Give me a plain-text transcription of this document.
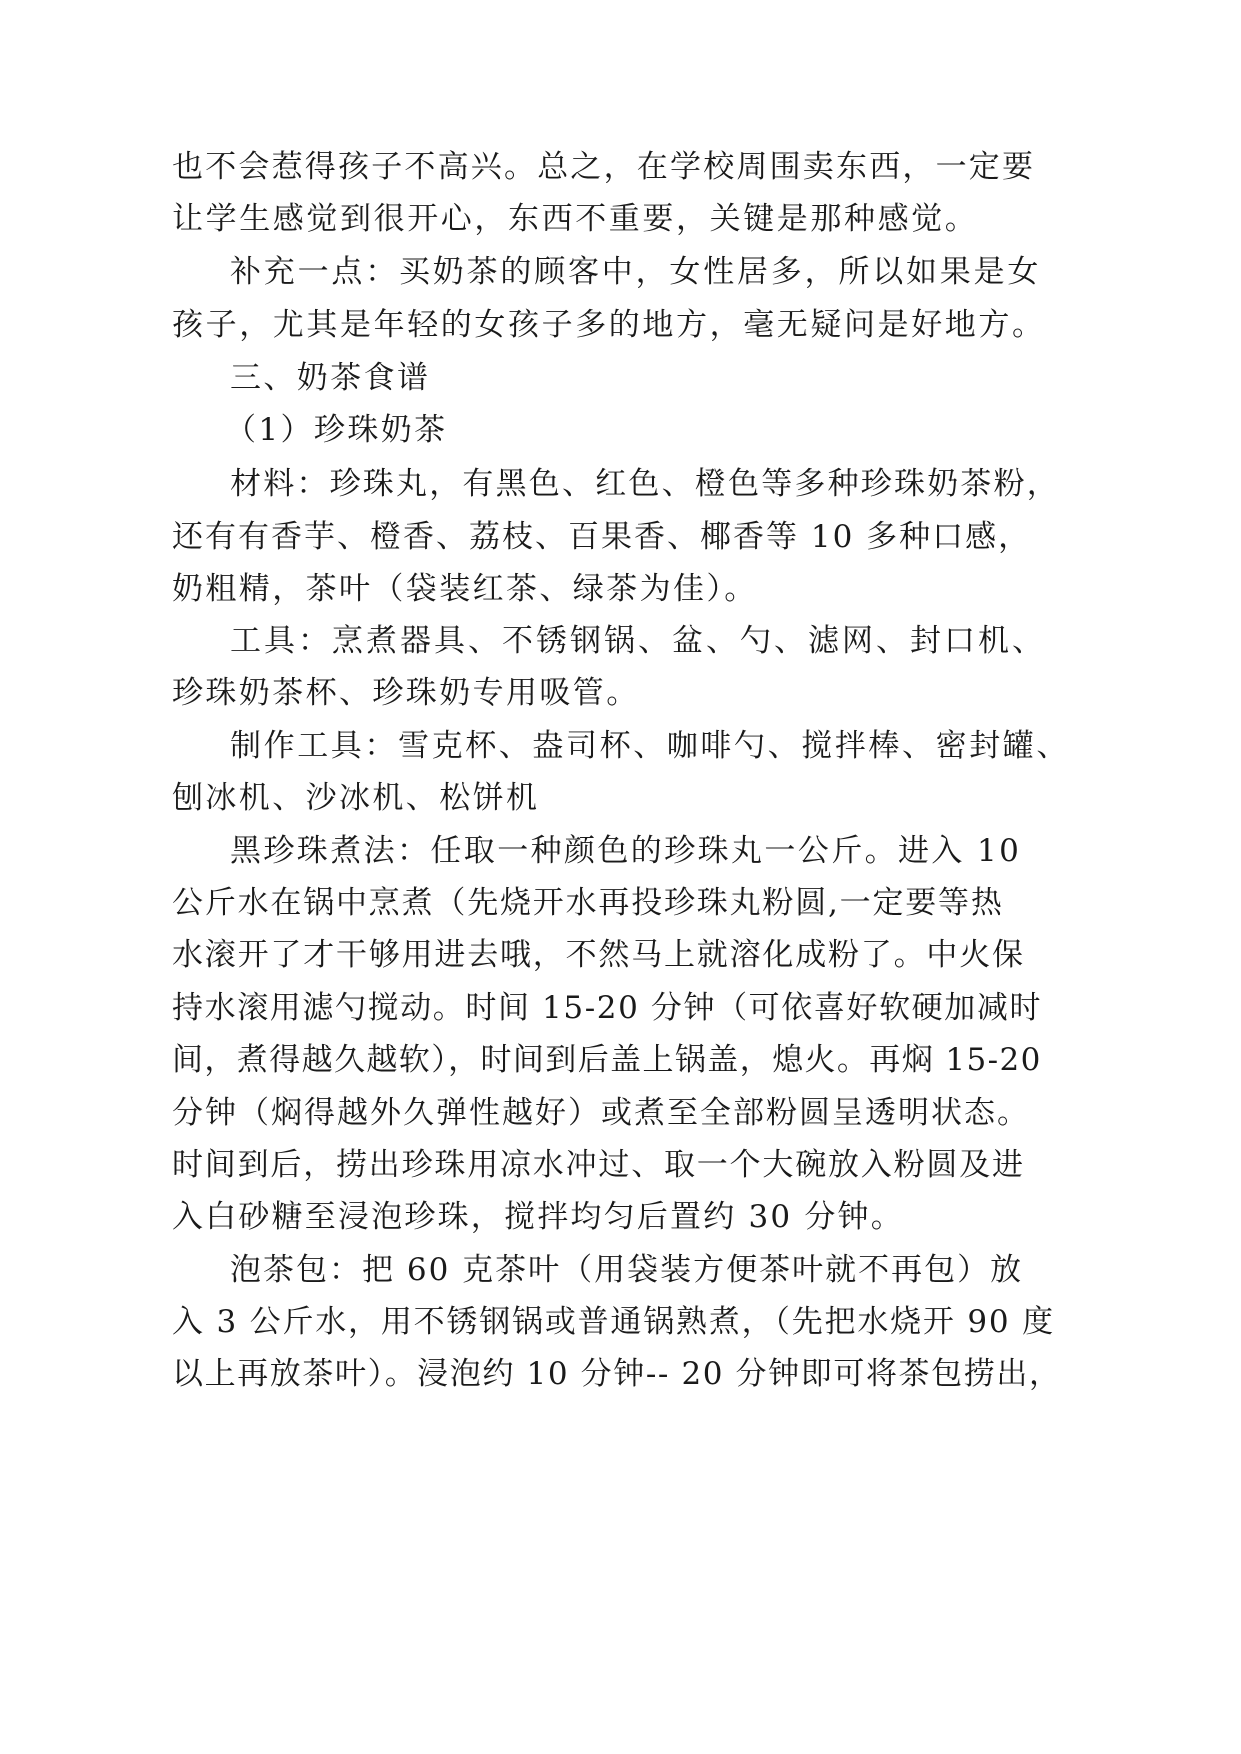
也不会惹得孩子不高兴。总之，在学校周围卖东西，一定要
让学生感觉到很开心，东西不重要，关键是那种感觉。
补充一点：买奶茶的顾客中，女性居多，所以如果是女
孩子，尤其是年轻的女孩子多的地方，毫无疑问是好地方。
三、奶茶食谱
（1）珍珠奶茶
材料：珍珠丸，有黑色、红色、橙色等多种珍珠奶茶粉，
还有有香芋、橙香、荔枝、百果香、椰香等 10 多种口感，
奶粗精，茶叶（袋装红茶、绿茶为佳）。
工具：烹煮器具、不锈钢锅、盆、勺、滤网、封口机、
珍珠奶茶杯、珍珠奶专用吸管。
制作工具：雪克杯、盎司杯、咖啡勺、搅拌棒、密封罐、
刨冰机、沙冰机、松饼机
黑珍珠煮法：任取一种颜色的珍珠丸一公斤。进入 10
公斤水在锅中烹煮（先烧开水再投珍珠丸粉圆,一定要等热
水滚开了才干够用进去哦，不然马上就溶化成粉了。中火保
持水滚用滤勺搅动。时间 15-20 分钟（可依喜好软硬加减时
间，煮得越久越软），时间到后盖上锅盖，熄火。再焖 15-20
分钟（焖得越外久弹性越好）或煮至全部粉圆呈透明状态。
时间到后，捞出珍珠用凉水冲过、取一个大碗放入粉圆及进
入白砂糖至浸泡珍珠，搅拌均匀后置约 30 分钟。
泡茶包：把 60 克茶叶（用袋装方便茶叶就不再包）放
入 3 公斤水，用不锈钢锅或普通锅熟煮，（先把水烧开 90 度
以上再放茶叶）。浸泡约 10 分钟-- 20 分钟即可将茶包捞出，
